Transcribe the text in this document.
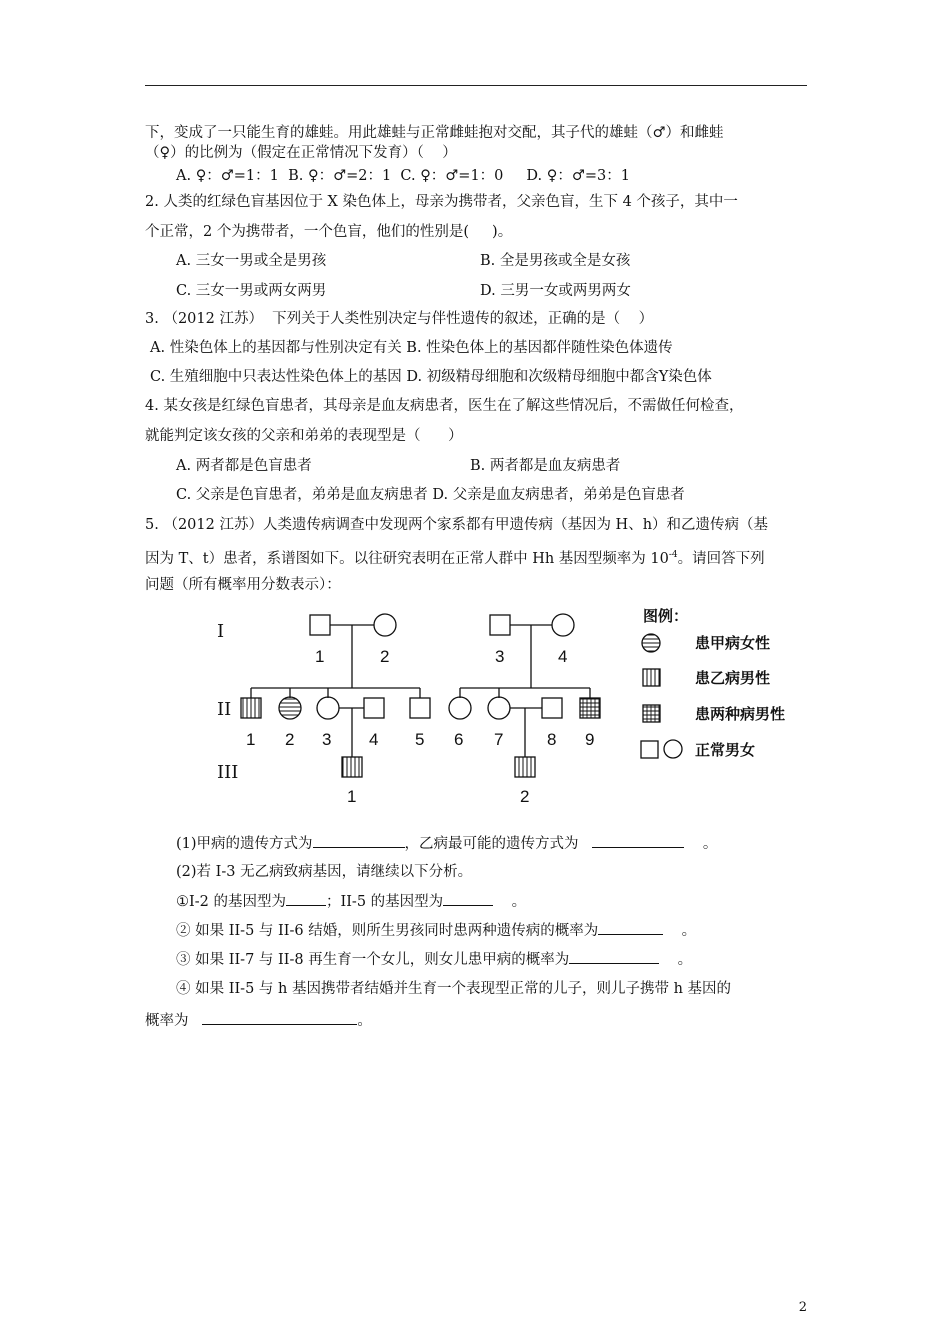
下，变成了一只能生育的雄蛙。用此雄蛙与正常雌蛙抱对交配，其子代的雄蛙（♂）和雌蛙
（♀）的比例为（假定在正常情况下发育）（    ）
A. ♀：♂=1：1  B. ♀：♂=2：1  C. ♀：♂=1：0     D. ♀：♂=3：1
2. 人类的红绿色盲基因位于 X 染色体上，母亲为携带者，父亲色盲，生下 4 个孩子，其中一
个正常，2 个为携带者，一个色盲，他们的性别是(     )。
A. 三女一男或全是男孩	B. 全是男孩或全是女孩
C. 三女一男或两女两男	D. 三男一女或两男两女
3. （2012 江苏）  下列关于人类性别决定与伴性遗传的叙述，正确的是（    ）
A. 性染色体上的基因都与性别决定有关 B. 性染色体上的基因都伴随性染色体遗传
C. 生殖细胞中只表达性染色体上的基因 D. 初级精母细胞和次级精母细胞中都含Y染色体
4. 某女孩是红绿色盲患者，其母亲是血友病患者，医生在了解这些情况后，不需做任何检查，
就能判定该女孩的父亲和弟弟的表现型是（      ）
A. 两者都是色盲患者	B. 两者都是血友病患者
C. 父亲是色盲患者，弟弟是血友病患者 D. 父亲是血友病患者，弟弟是色盲患者
5. （2012 江苏）人类遗传病调查中发现两个家系都有甲遗传病（基因为 H、h）和乙遗传病（基
因为 T、t）患者，系谱图如下。以往研究表明在正常人群中 Hh 基因型频率为 $10^{-4}$。请回答下列
问题（所有概率用分数表示）：
I
II
III
1	2	3	4
1 2 3 4 5 6 7	8 9
1	2
图例：
患甲病女性
患乙病男性
患两种病男性
正常男女
(1)甲病的遗传方式为	，乙病最可能的遗传方式为	。
(2)若 I-3 无乙病致病基因，请继续以下分析。
①I-2 的基因型为	；II-5 的基因型为	。
② 如果 II-5 与 II-6 结婚，则所生男孩同时患两种遗传病的概率为	。
③ 如果 II-7 与 II-8 再生育一个女儿，则女儿患甲病的概率为	。
④ 如果 II-5 与 h 基因携带者结婚并生育一个表现型正常的儿子，则儿子携带 h 基因的
概率为	。
2
